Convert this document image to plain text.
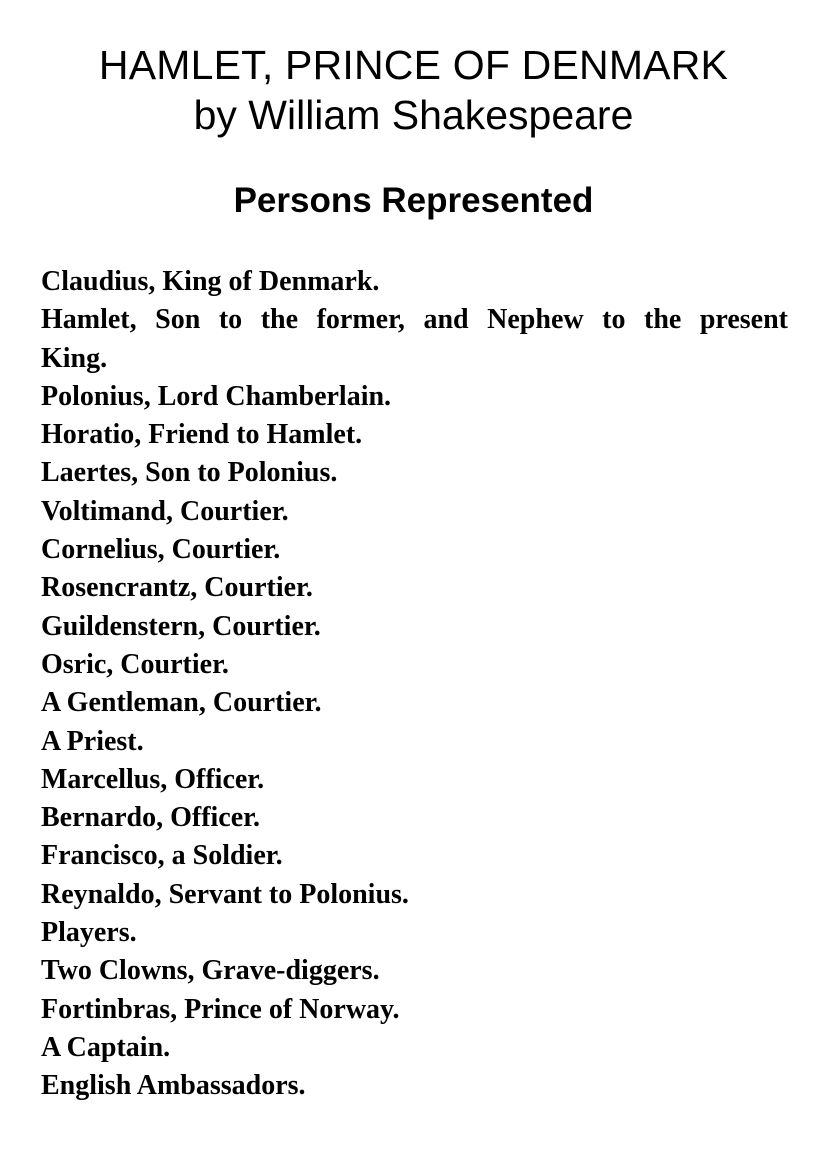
HAMLET, PRINCE OF DENMARK
by William Shakespeare
Persons Represented
Claudius, King of Denmark.
Hamlet, Son to the former, and Nephew to the present King.
Polonius, Lord Chamberlain.
Horatio, Friend to Hamlet.
Laertes, Son to Polonius.
Voltimand, Courtier.
Cornelius, Courtier.
Rosencrantz, Courtier.
Guildenstern, Courtier.
Osric, Courtier.
A Gentleman, Courtier.
A Priest.
Marcellus, Officer.
Bernardo, Officer.
Francisco, a Soldier.
Reynaldo, Servant to Polonius.
Players.
Two Clowns, Grave-diggers.
Fortinbras, Prince of Norway.
A Captain.
English Ambassadors.
